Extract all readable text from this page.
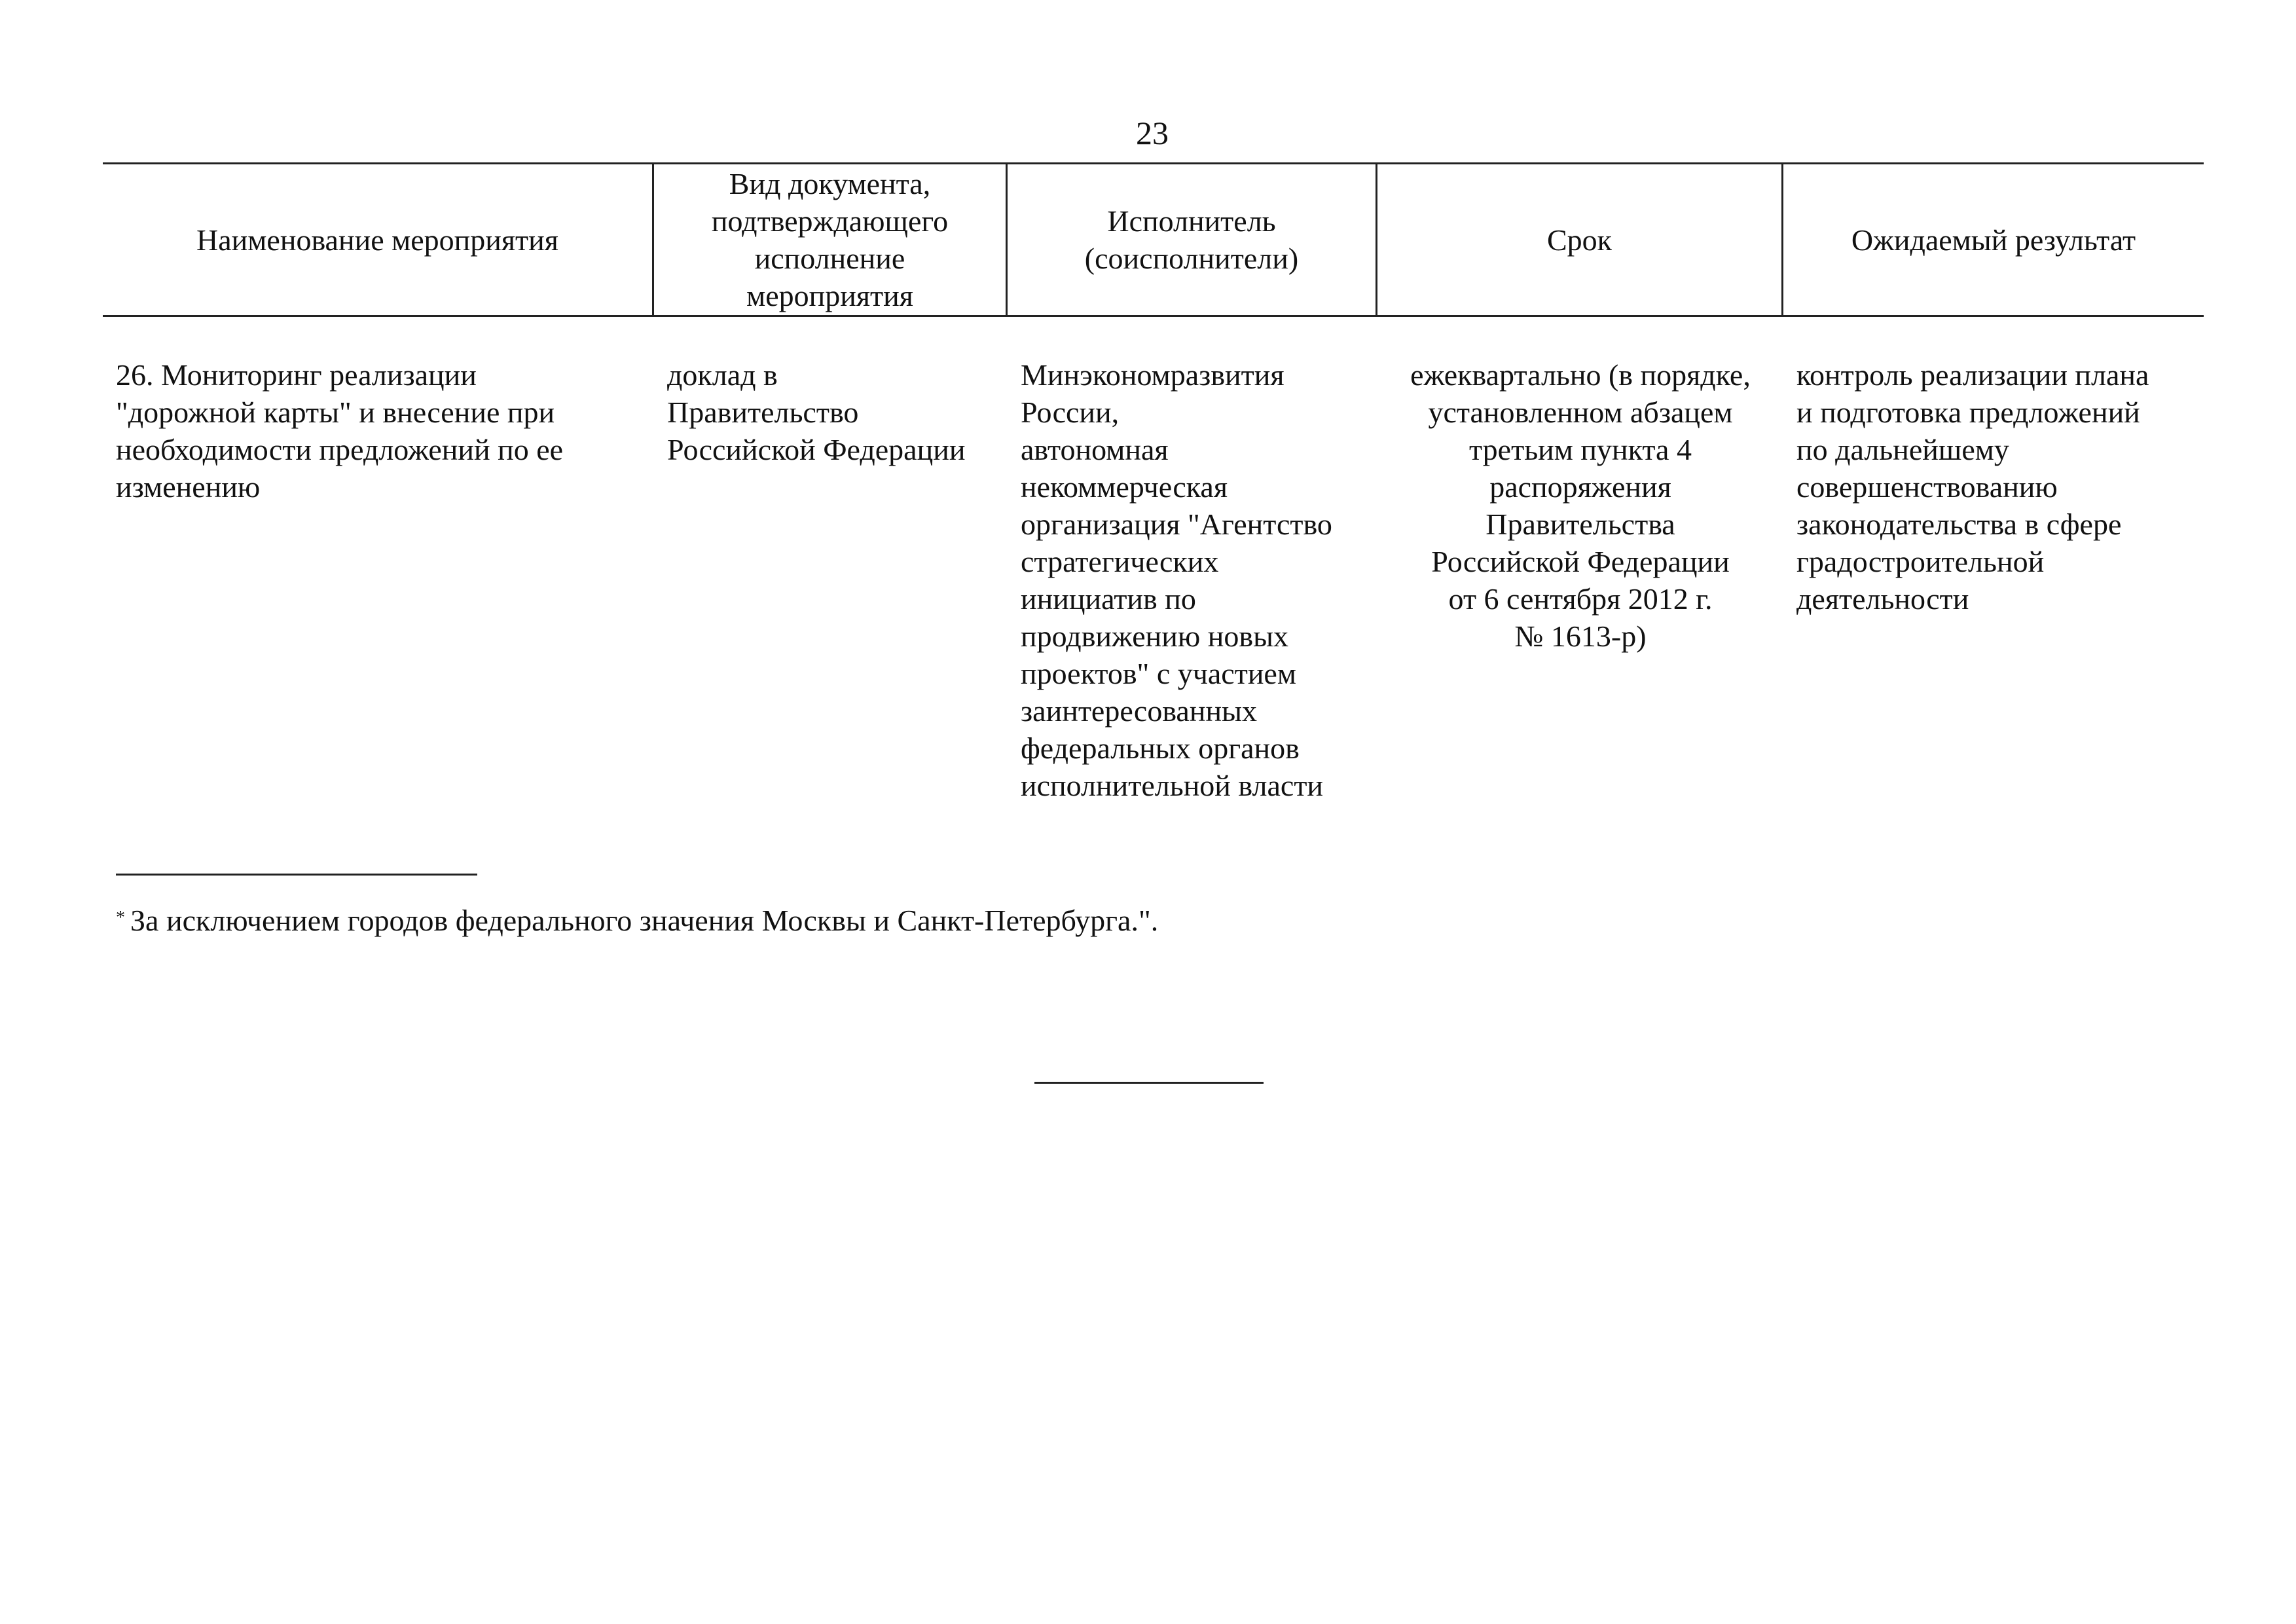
23
Наименование мероприятия
Вид документа,
подтверждающего
исполнение
мероприятия
Исполнитель
(соисполнители)
Срок	Ожидаемый результат
26. Мониторинг реализации
"дорожной карты" и внесение при
необходимости предложений по ее
изменению
доклад в
Правительство
Российской Федерации
Минэкономразвития
России,
автономная
некоммерческая
организация "Агентство
стратегических
инициатив по
продвижению новых
проектов" с участием
заинтересованных
федеральных органов
исполнительной власти
ежеквартально (в порядке,
установленном абзацем
третьим пункта 4
распоряжения
Правительства
Российской Федерации
от 6 сентября 2012 г.
№ 1613-р)
контроль реализации плана
и подготовка предложений
по дальнейшему
совершенствованию
законодательства в сфере
градостроительной
деятельности
* За исключением городов федерального значения Москвы и Санкт-Петербурга.".
